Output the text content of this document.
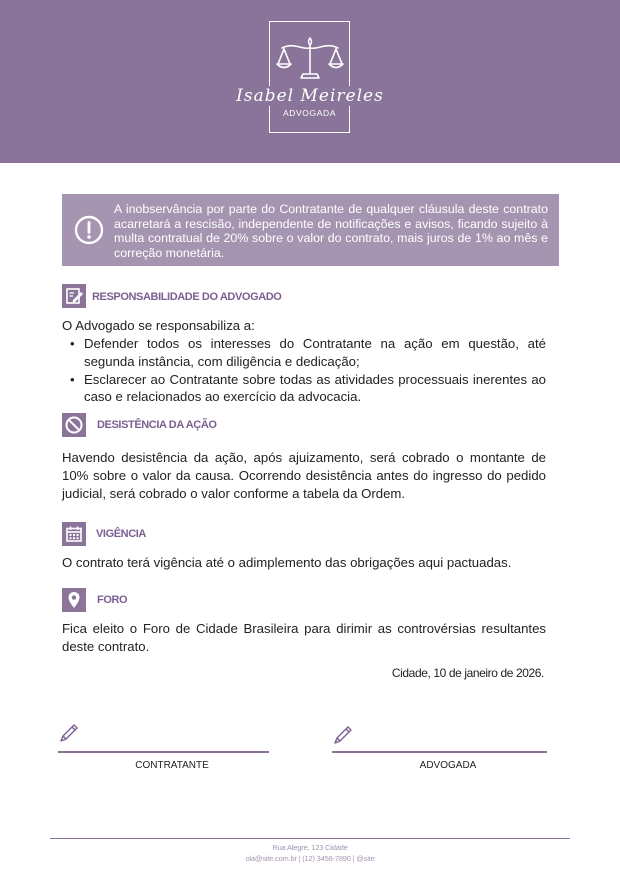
Isabel Meireles
ADVOGADA
A inobservância por parte do Contratante de qualquer cláusula deste contrato acarretará a rescisão, independente de notificações e avisos, ficando sujeito à multa contratual de 20% sobre o valor do contrato, mais juros de 1% ao mês e correção monetária.
RESPONSABILIDADE DO ADVOGADO
O Advogado se responsabiliza a:
• Defender todos os interesses do Contratante na ação em questão, até segunda instância, com diligência e dedicação;
• Esclarecer ao Contratante sobre todas as atividades processuais inerentes ao caso e relacionados ao exercício da advocacia.
DESISTÊNCIA DA AÇÃO
Havendo desistência da ação, após ajuizamento, será cobrado o montante de 10% sobre o valor da causa. Ocorrendo desistência antes do ingresso do pedido judicial, será cobrado o valor conforme a tabela da Ordem.
VIGÊNCIA
O contrato terá vigência até o adimplemento das obrigações aqui pactuadas.
FORO
Fica eleito o Foro de Cidade Brasileira para dirimir as controvérsias resultantes deste contrato.
Cidade, 10 de janeiro de 2026.
CONTRATANTE	ADVOGADA
Rua Alegre, 123 Cidade
ola@site.com.br | (12) 3456-7890 | @site
